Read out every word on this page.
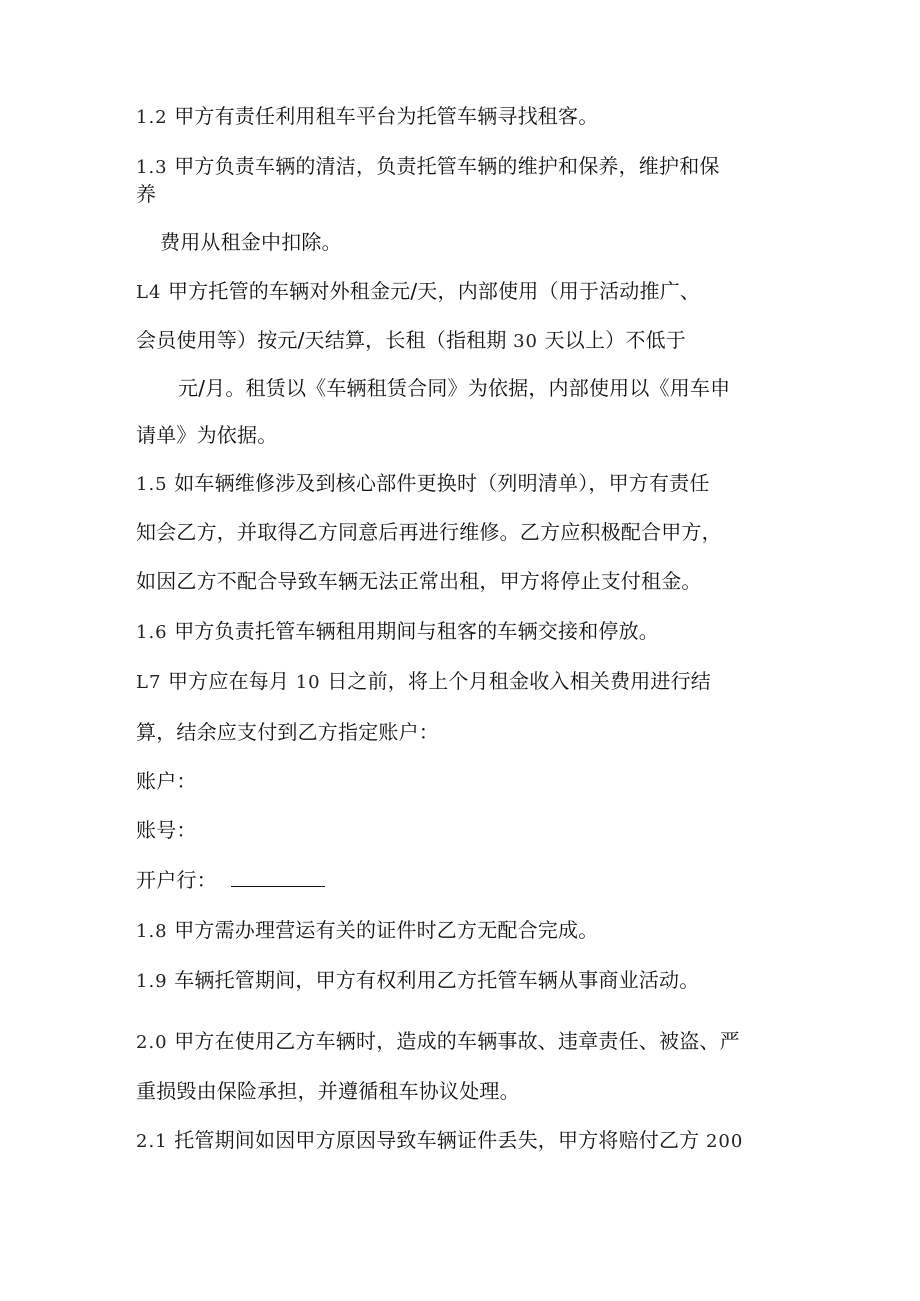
1.2 甲方有责任利用租车平台为托管车辆寻找租客。
1.3 甲方负责车辆的清洁，负责托管车辆的维护和保养，维护和保
养
费用从租金中扣除。
L4 甲方托管的车辆对外租金元/天，内部使用（用于活动推广、
会员使用等）按元/天结算，长租（指租期 30 天以上）不低于
元/月。租赁以《车辆租赁合同》为依据，内部使用以《用车申
请单》为依据。
1.5 如车辆维修涉及到核心部件更换时（列明清单），甲方有责任
知会乙方，并取得乙方同意后再进行维修。乙方应积极配合甲方，
如因乙方不配合导致车辆无法正常出租，甲方将停止支付租金。
1.6 甲方负责托管车辆租用期间与租客的车辆交接和停放。
L7 甲方应在每月 10 日之前，将上个月租金收入相关费用进行结
算，结余应支付到乙方指定账户：
账户：
账号：
开户行：
1.8 甲方需办理营运有关的证件时乙方无配合完成。
1.9 车辆托管期间，甲方有权利用乙方托管车辆从事商业活动。
2.0 甲方在使用乙方车辆时，造成的车辆事故、违章责任、被盗、严
重损毁由保险承担，并遵循租车协议处理。
2.1 托管期间如因甲方原因导致车辆证件丢失，甲方将赔付乙方 200
